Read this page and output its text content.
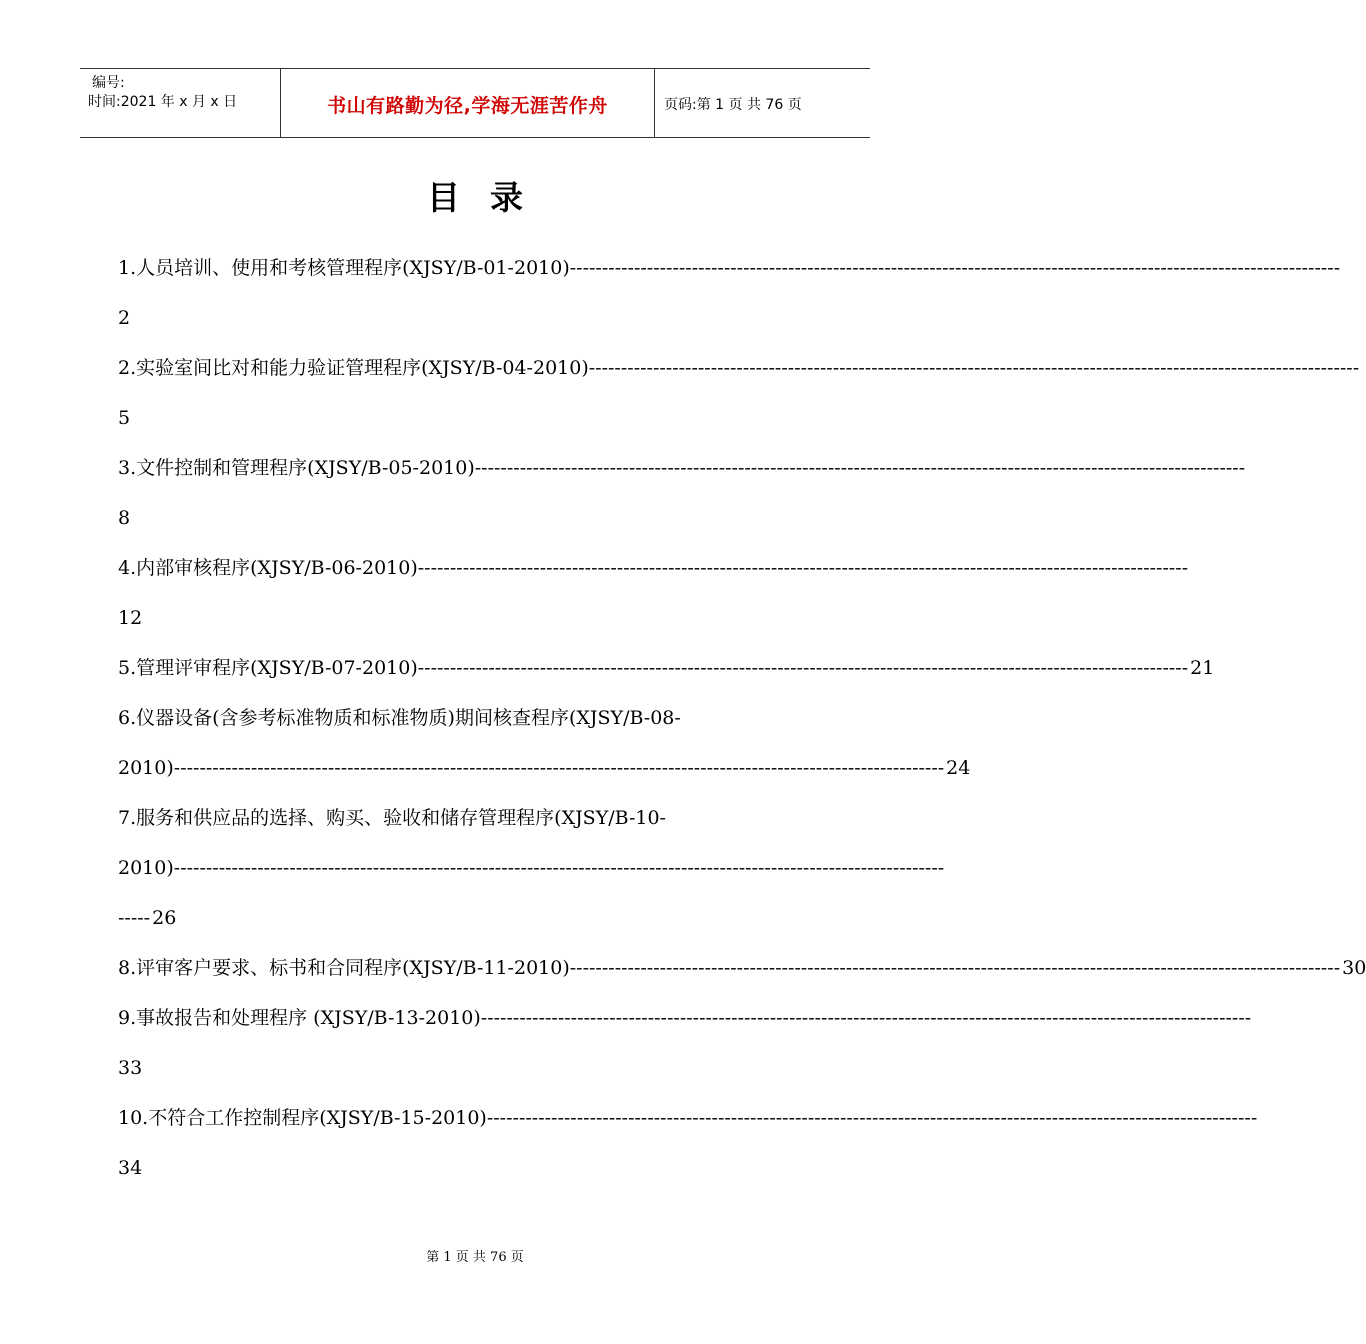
编号:
时间:2021 年 x 月 x 日	书山有路勤为径,学海无涯苦作舟	页码:第 1 页 共 76 页
目录
1.人员培训、使用和考核管理程序(XJSY/B-01-2010) ------------------------------------------------------------------------------------------------------------------------
2
2.实验室间比对和能力验证管理程序(XJSY/B-04-2010) ------------------------------------------------------------------------------------------------------------------------
5
3.文件控制和管理程序(XJSY/B-05-2010) ------------------------------------------------------------------------------------------------------------------------
8
4.内部审核程序(XJSY/B-06-2010) ------------------------------------------------------------------------------------------------------------------------
12
5.管理评审程序(XJSY/B-07-2010) ------------------------------------------------------------------------------------------------------------------------ 21
6.仪器设备(含参考标准物质和标准物质)期间核查程序(XJSY/B-08-
2010) ------------------------------------------------------------------------------------------------------------------------ 24
7.服务和供应品的选择、购买、验收和储存管理程序(XJSY/B-10-
2010) ------------------------------------------------------------------------------------------------------------------------
----- 26
8.评审客户要求、标书和合同程序(XJSY/B-11-2010) ------------------------------------------------------------------------------------------------------------------------ 30
9.事故报告和处理程序 (XJSY/B-13-2010) ------------------------------------------------------------------------------------------------------------------------
33
10.不符合工作控制程序(XJSY/B-15-2010) ------------------------------------------------------------------------------------------------------------------------
34
第 1 页 共 76 页
